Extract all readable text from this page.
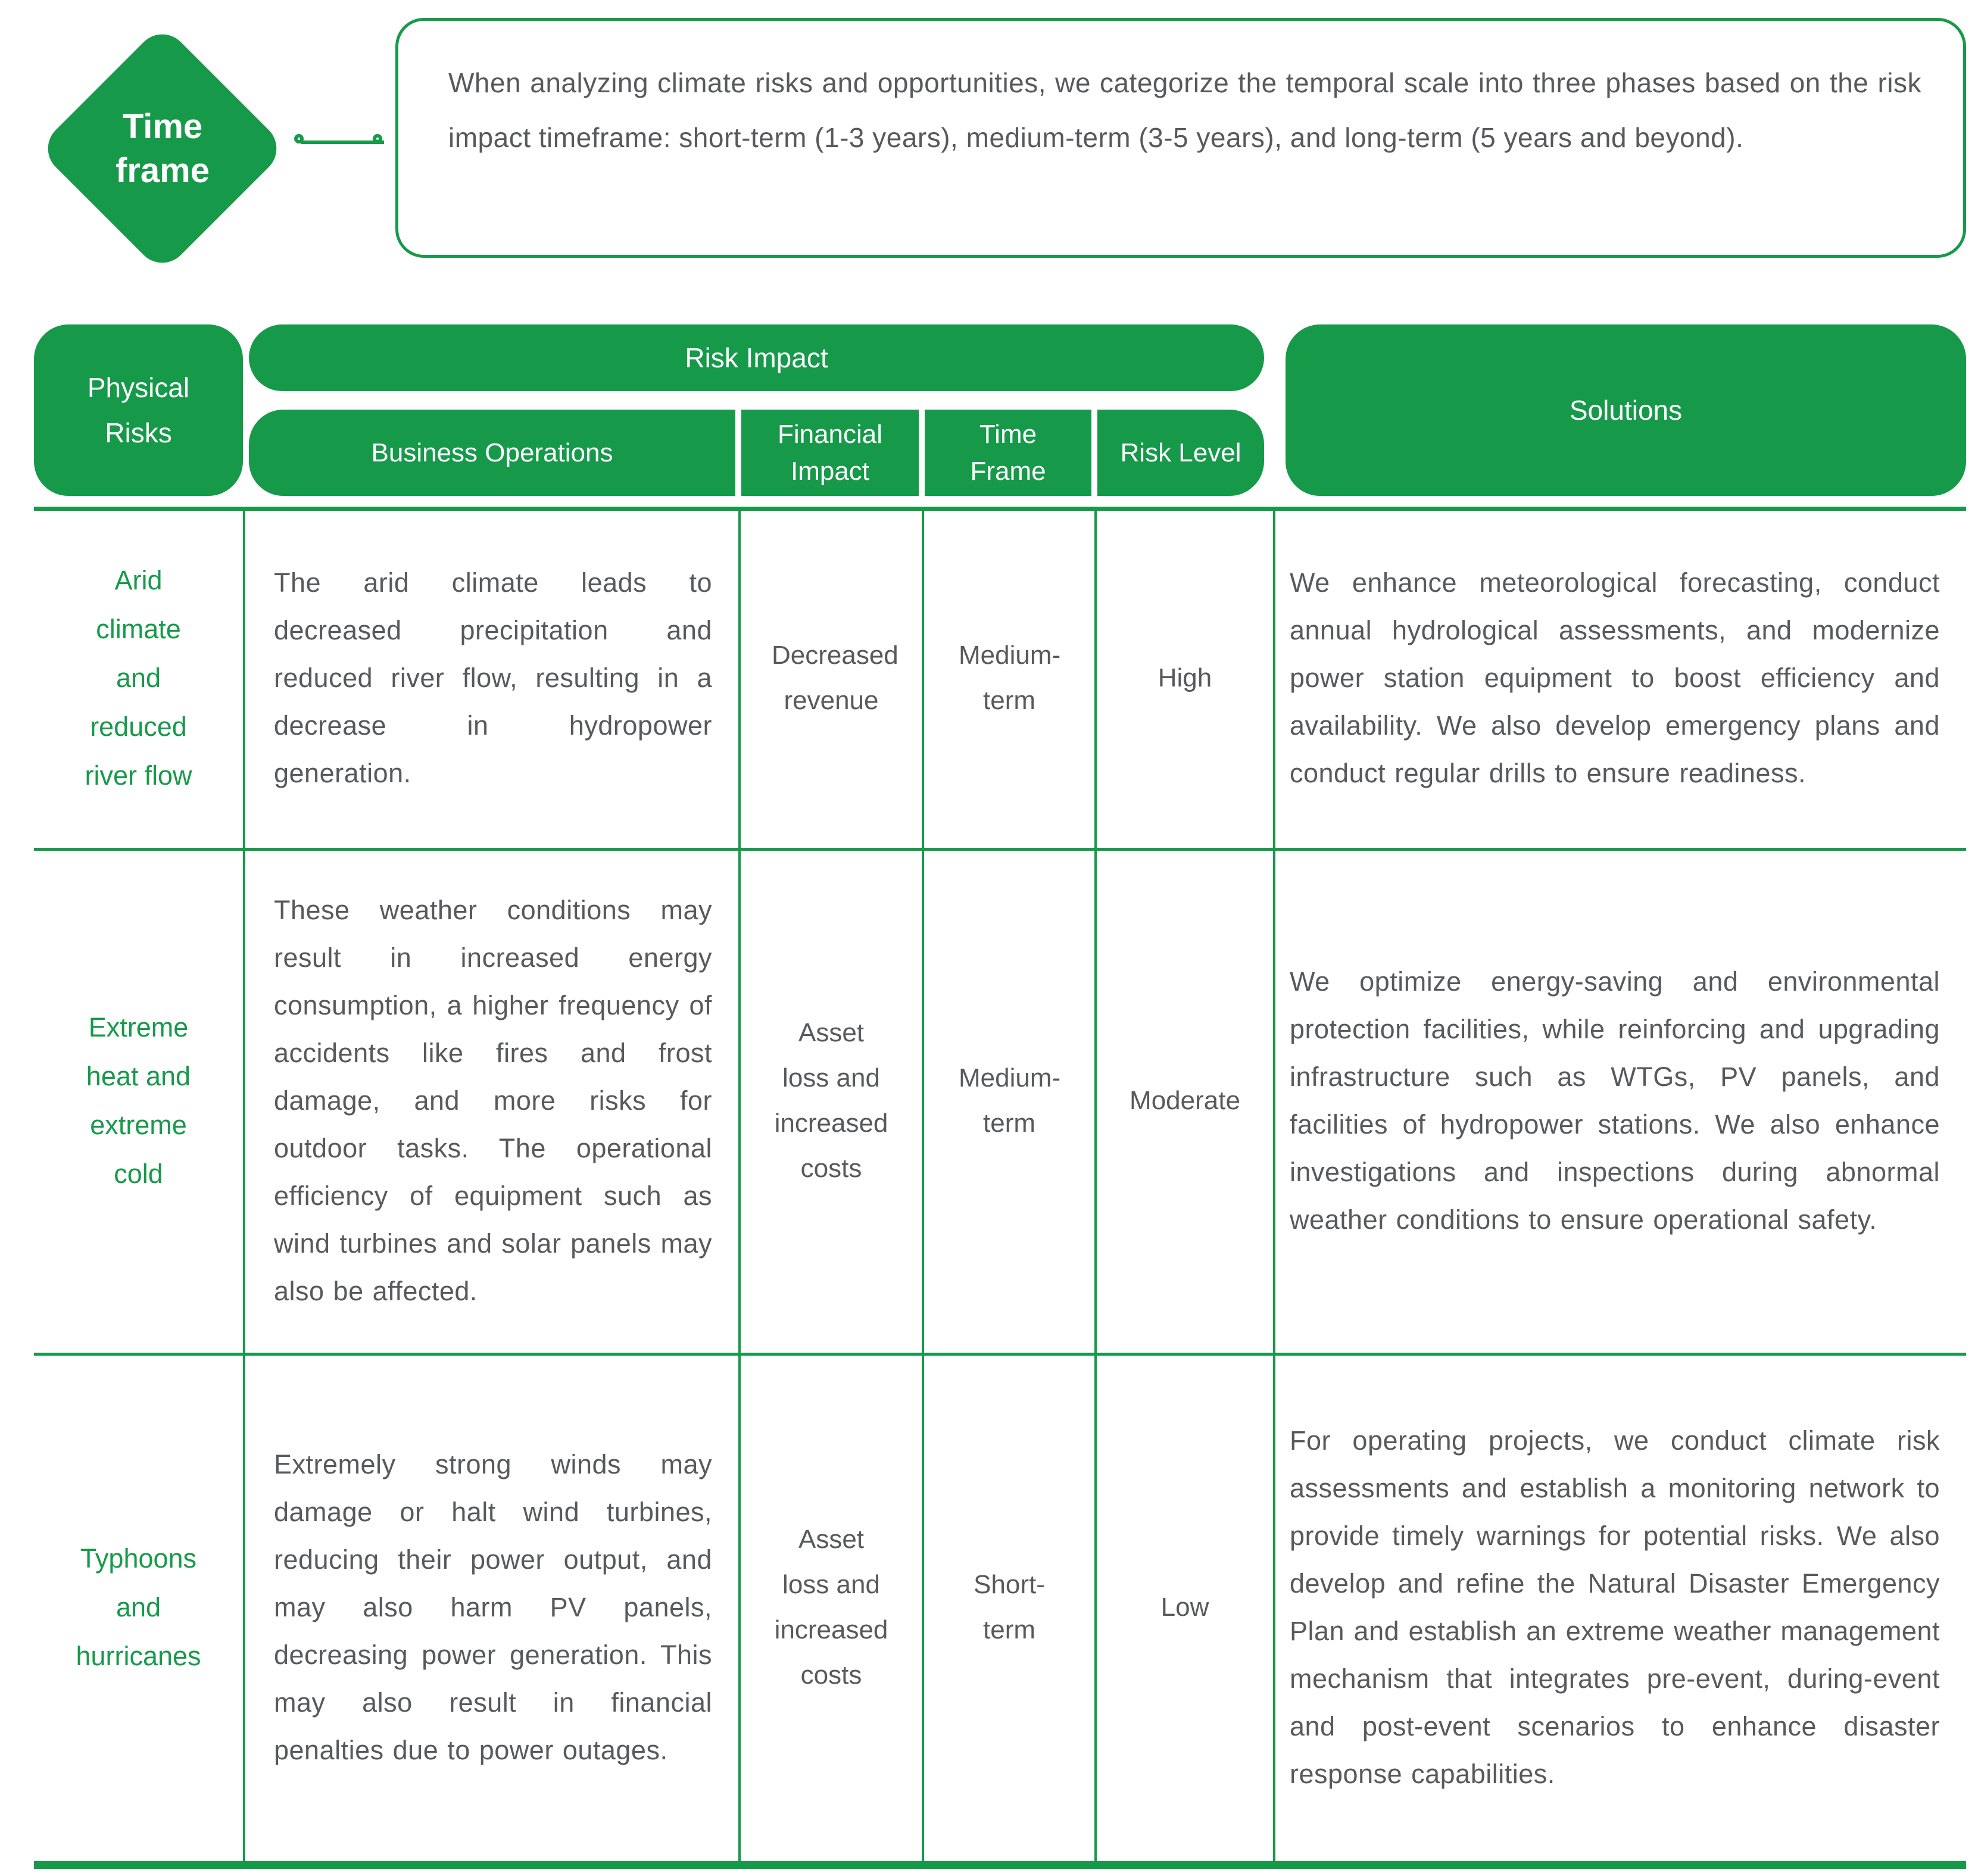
Time frame

When analyzing climate risks and opportunities, we categorize the temporal scale into three phases based on the risk impact timeframe: short-term (1-3 years), medium-term (3-5 years), and long-term (5 years and beyond).

Physical Risks
Risk Impact
Business Operations
Financial Impact
Time Frame
Risk Level
Solutions
Arid climate and reduced river flow

The arid climate leads to decreased precipitation and reduced river flow, resulting in a decrease in hydropower generation.

Decreased revenue
Medium-term
High

We enhance meteorological forecasting, conduct annual hydrological assessments, and modernize power station equipment to boost efficiency and availability. We also develop emergency plans and conduct regular drills to ensure readiness.

Extreme heat and extreme cold

These weather conditions may result in increased energy consumption, a higher frequency of accidents like fires and frost damage, and more risks for outdoor tasks. The operational efficiency of equipment such as wind turbines and solar panels may also be affected.

Asset loss and increased costs
Medium-term
Moderate

We optimize energy-saving and environmental protection facilities, while reinforcing and upgrading infrastructure such as WTGs, PV panels, and facilities of hydropower stations. We also enhance investigations and inspections during abnormal weather conditions to ensure operational safety.

Typhoons and hurricanes

Extremely strong winds may damage or halt wind turbines, reducing their power output, and may also harm PV panels, decreasing power generation. This may also result in financial penalties due to power outages.

Asset loss and increased costs
Short-term
Low

For operating projects, we conduct climate risk assessments and establish a monitoring network to provide timely warnings for potential risks. We also develop and refine the Natural Disaster Emergency Plan and establish an extreme weather management mechanism that integrates pre-event, during-event and post-event scenarios to enhance disaster response capabilities.
